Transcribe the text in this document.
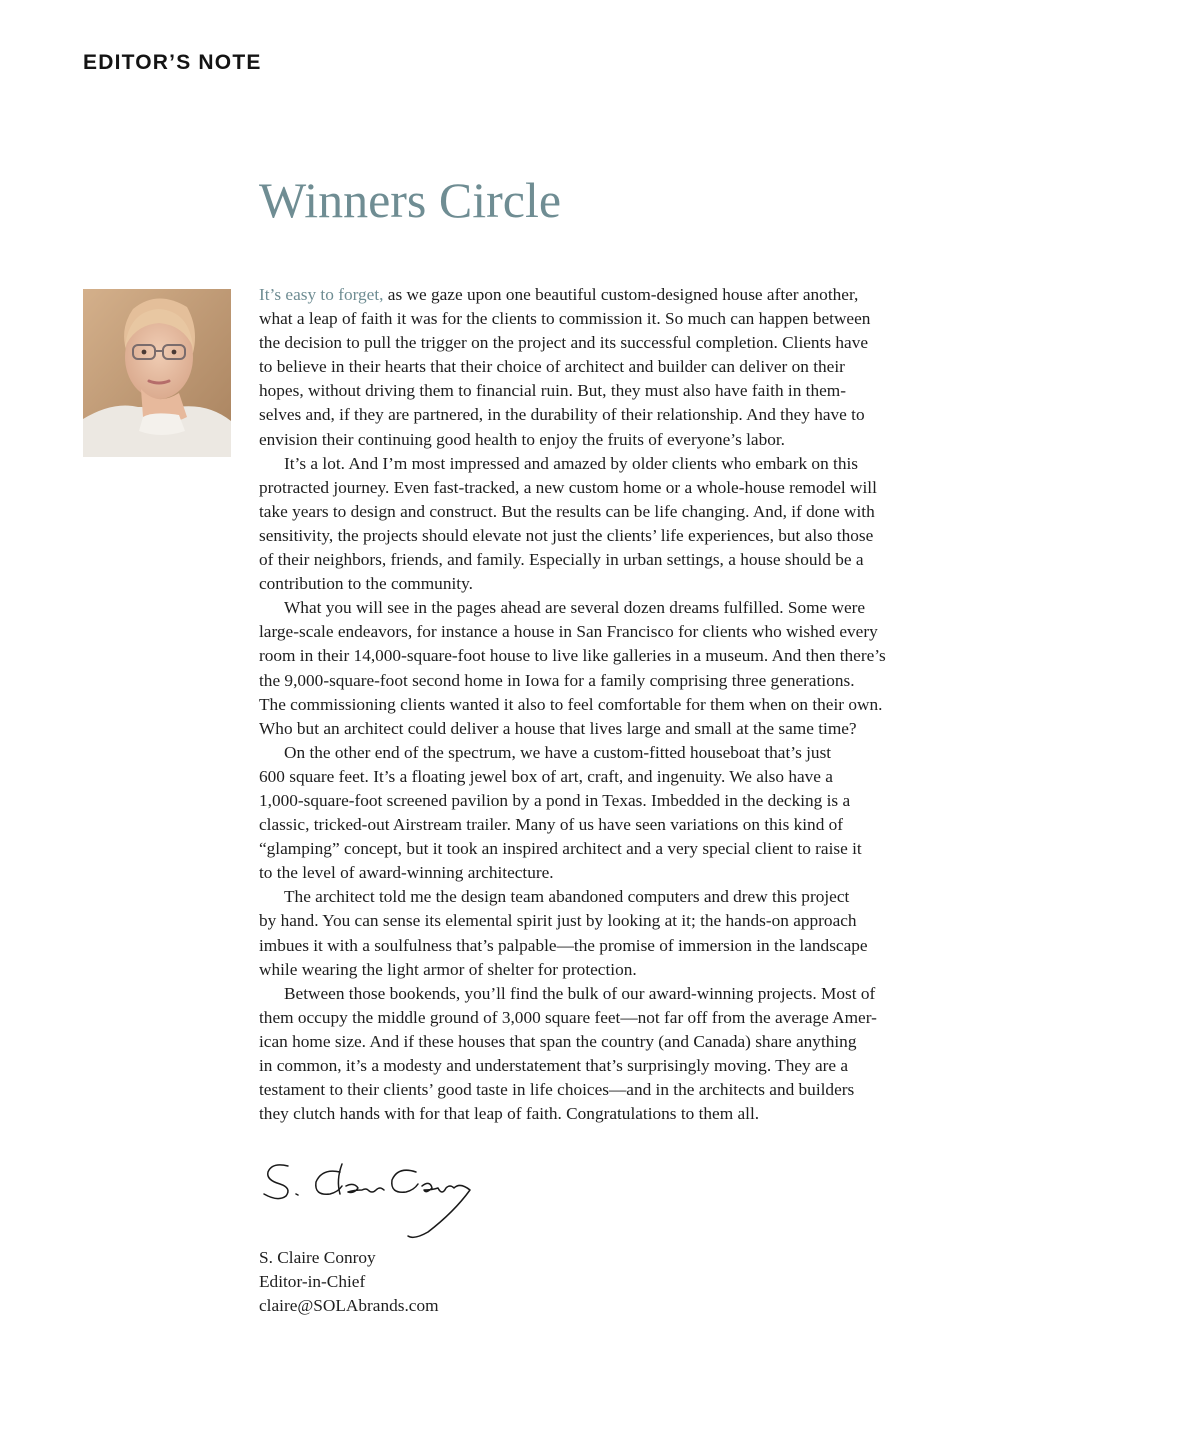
EDITOR’S NOTE
Winners Circle
It’s easy to forget, as we gaze upon one beautiful custom-designed house after another,
what a leap of faith it was for the clients to commission it. So much can happen between
the decision to pull the trigger on the project and its successful completion. Clients have
to believe in their hearts that their choice of architect and builder can deliver on their
hopes, without driving them to financial ruin. But, they must also have faith in them-
selves and, if they are partnered, in the durability of their relationship. And they have to
envision their continuing good health to enjoy the fruits of everyone’s labor.
It’s a lot. And I’m most impressed and amazed by older clients who embark on this
protracted journey. Even fast-tracked, a new custom home or a whole-house remodel will
take years to design and construct. But the results can be life changing. And, if done with
sensitivity, the projects should elevate not just the clients’ life experiences, but also those
of their neighbors, friends, and family. Especially in urban settings, a house should be a
contribution to the community.
What you will see in the pages ahead are several dozen dreams fulfilled. Some were
large-scale endeavors, for instance a house in San Francisco for clients who wished every
room in their 14,000-square-foot house to live like galleries in a museum. And then there’s
the 9,000-square-foot second home in Iowa for a family comprising three generations.
The commissioning clients wanted it also to feel comfortable for them when on their own.
Who but an architect could deliver a house that lives large and small at the same time?
On the other end of the spectrum, we have a custom-fitted houseboat that’s just
600 square feet. It’s a floating jewel box of art, craft, and ingenuity. We also have a
1,000-square-foot screened pavilion by a pond in Texas. Imbedded in the decking is a
classic, tricked-out Airstream trailer. Many of us have seen variations on this kind of
“glamping” concept, but it took an inspired architect and a very special client to raise it
to the level of award-winning architecture.
The architect told me the design team abandoned computers and drew this project
by hand. You can sense its elemental spirit just by looking at it; the hands-on approach
imbues it with a soulfulness that’s palpable—the promise of immersion in the landscape
while wearing the light armor of shelter for protection.
Between those bookends, you’ll find the bulk of our award-winning projects. Most of
them occupy the middle ground of 3,000 square feet—not far off from the average Amer-
ican home size. And if these houses that span the country (and Canada) share anything
in common, it’s a modesty and understatement that’s surprisingly moving. They are a
testament to their clients’ good taste in life choices—and in the architects and builders
they clutch hands with for that leap of faith. Congratulations to them all.
S. Claire Conroy
Editor-in-Chief
claire@SOLAbrands.com
